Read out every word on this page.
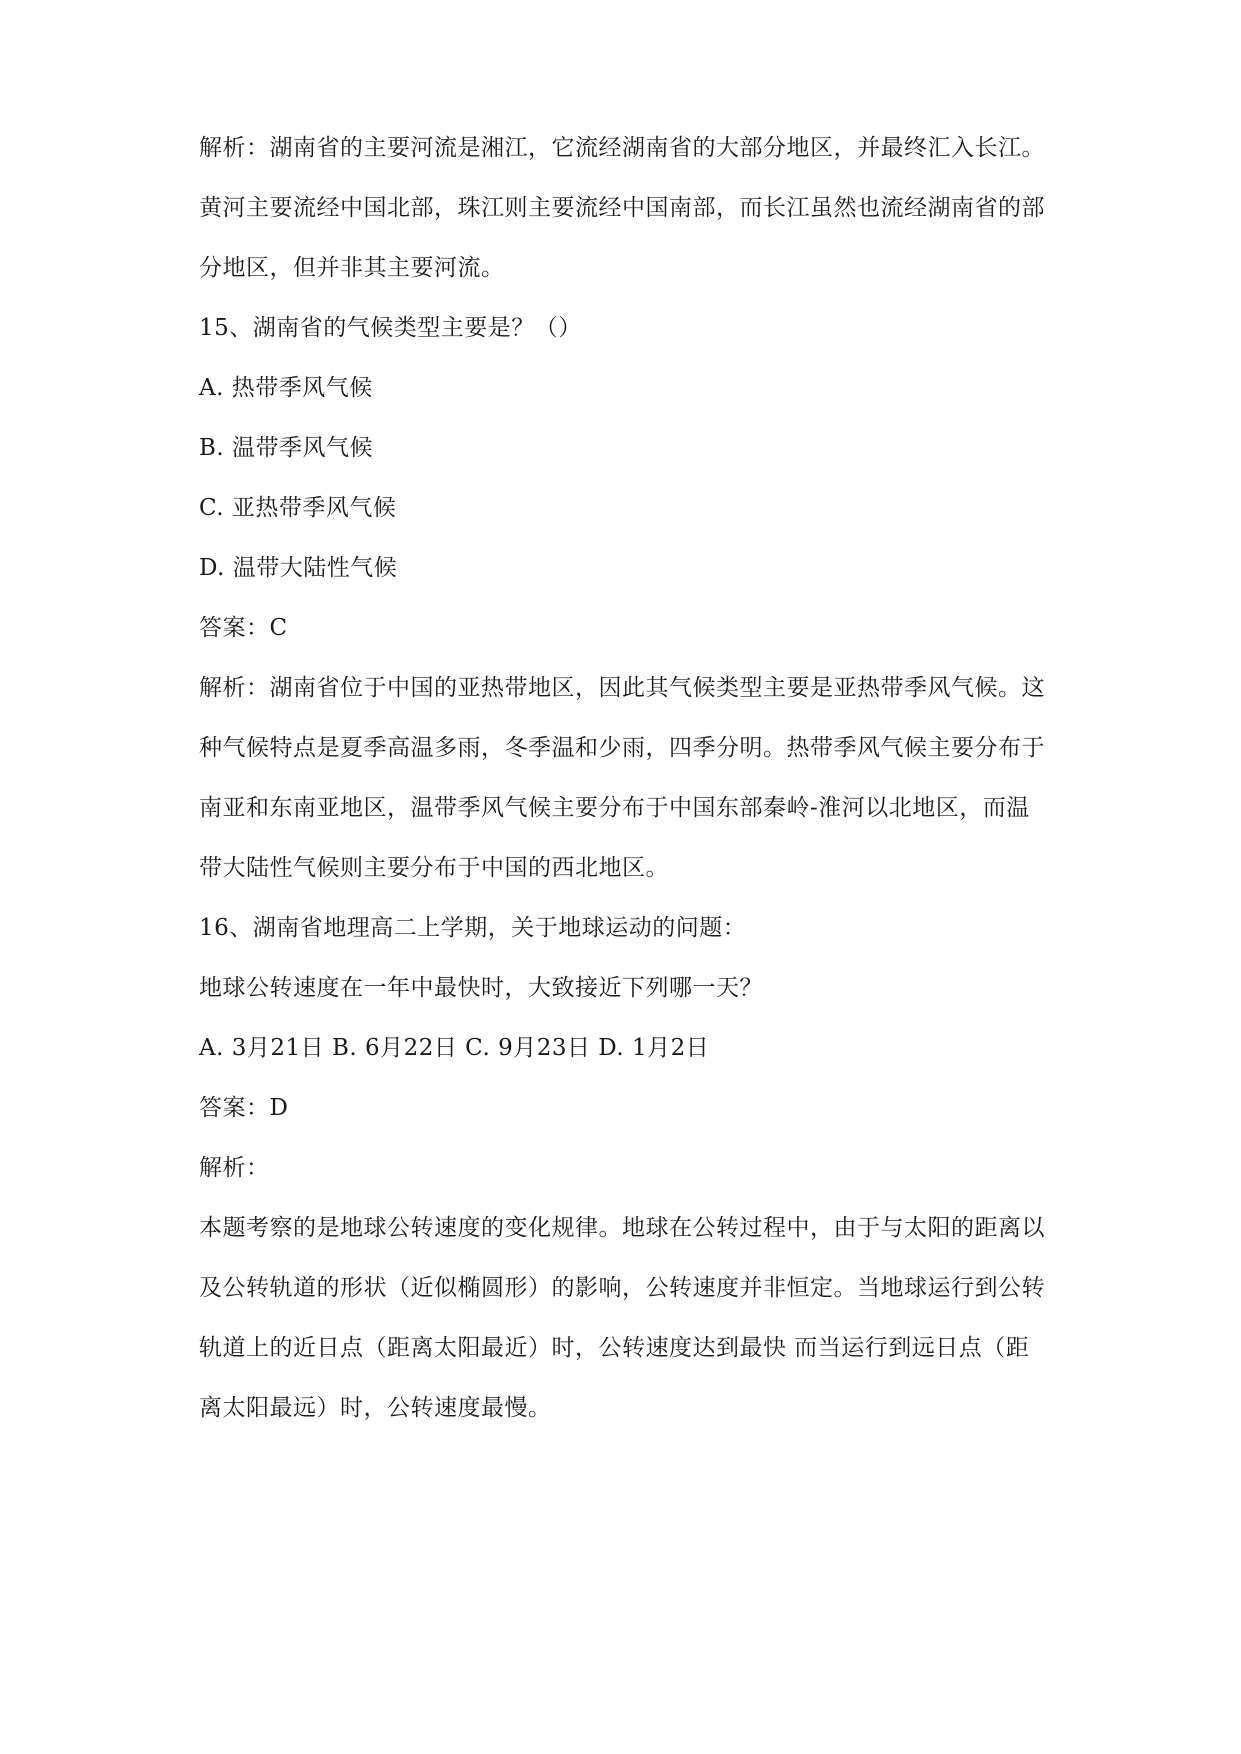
解析：湖南省的主要河流是湘江，它流经湖南省的大部分地区，并最终汇入长江。
黄河主要流经中国北部，珠江则主要流经中国南部，而长江虽然也流经湖南省的部
分地区，但并非其主要河流。
15、湖南省的气候类型主要是？（）
A. 热带季风气候
B. 温带季风气候
C. 亚热带季风气候
D. 温带大陆性气候
答案：C
解析：湖南省位于中国的亚热带地区，因此其气候类型主要是亚热带季风气候。这
种气候特点是夏季高温多雨，冬季温和少雨，四季分明。热带季风气候主要分布于
南亚和东南亚地区，温带季风气候主要分布于中国东部秦岭-淮河以北地区，而温
带大陆性气候则主要分布于中国的西北地区。
16、湖南省地理高二上学期，关于地球运动的问题：
地球公转速度在一年中最快时，大致接近下列哪一天？
A. 3月21日 B. 6月22日 C. 9月23日 D. 1月2日
答案：D
解析：
本题考察的是地球公转速度的变化规律。地球在公转过程中，由于与太阳的距离以
及公转轨道的形状（近似椭圆形）的影响，公转速度并非恒定。当地球运行到公转
轨道上的近日点（距离太阳最近）时，公转速度达到最快 而当运行到远日点（距
离太阳最远）时，公转速度最慢。
